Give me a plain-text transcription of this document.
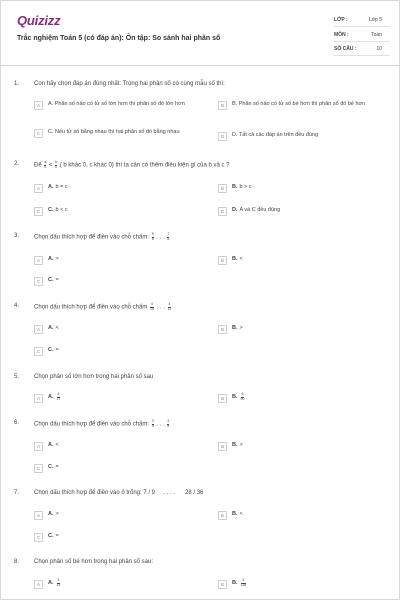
Quizizz
Trắc nghiệm Toán 5 (có đáp án): Ôn tập: So sánh hai phân số
LỚP :	Lớp 5
MÔN :	Toán
SỐ CÂU :	10
1. Con hãy chọn đáp án đúng nhất: Trong hai phân số có cùng mẫu số thì:
A	A. Phân số nào có tử số lớn hơn thì phân số đó lớn hơn	B	B. Phân số nào có tử số bé hơn thì phân số đó bé hơn
C	C. Nếu tử số bằng nhau thì hai phân số đó bằng nhau
D	D. Tất cả các đáp án trên đều đúng
2. Để $\frac{a}{c} < \frac{b}{c}$ ( b khác 0, c khác 0) thì ta cần có thêm điều kiện gì của b và c ?
A	A. b = c	B	B. b > c
C	C. b < c	D	D. A và C đều đúng
3. Chọn dấu thích hợp để điền vào chỗ chấm: $\frac{5}{8}$ . . . $\frac{7}{8}$
A	A. >	B	B. <
C	C. =
4. Chọn dấu thích hợp để điền vào chỗ chấm $\frac{4}{15}$ . . . $\frac{4}{11}$
A	A. <	B	B. >
C	C. =
5. Chọn phân số lớn hơn trong hai phân số sau
A	A. $\frac{4}{17}$	B	B. $\frac{6}{90}$
6. Chọn dấu thích hợp để điền vào chỗ chấm: $\frac{3}{5}$ . . . $\frac{3}{8}$
A	A. <	B	B. >
C	C. =
7. Chọn dấu thích hợp để điền vào ô trống: 7 / 9     . . . .      28 / 36
A	A. >	B	B. <
C	C. =
8. Chọn phân số bé hơn trong hai phân số sau:
A	A. $\frac{4}{15}$	B	B. $\frac{3}{118}$
